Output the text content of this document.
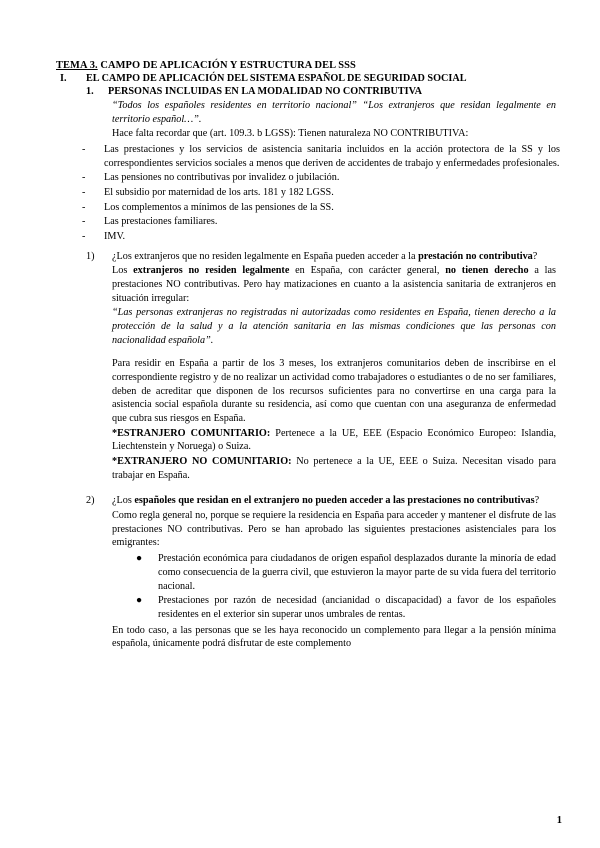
TEMA 3. CAMPO DE APLICACIÓN Y ESTRUCTURA DEL SSS
I.	EL CAMPO DE APLICACIÓN DEL SISTEMA ESPAÑOL DE SEGURIDAD SOCIAL
1.	PERSONAS INCLUIDAS EN LA MODALIDAD NO CONTRIBUTIVA

“Todos los españoles residentes en territorio nacional” “Los extranjeros que residan legalmente en territorio español…”.

Hace falta recordar que (art. 109.3. b LGSS): Tienen naturaleza NO CONTRIBUTIVA:

-	Las prestaciones y los servicios de asistencia sanitaria incluidos en la acción protectora de la SS y los correspondientes servicios sociales a menos que deriven de accidentes de trabajo y enfermedades profesionales.
-	Las pensiones no contributivas por invalidez o jubilación.
-	El subsidio por maternidad de los arts. 181 y 182 LGSS.
-	Los complementos a mínimos de las pensiones de la SS.
-	Las prestaciones familiares.
-	IMV.
1)	¿Los extranjeros que no residen legalmente en España pueden acceder a la prestación no contributiva?

Los extranjeros no residen legalmente en España, con carácter general, no tienen derecho a las prestaciones NO contributivas. Pero hay matizaciones en cuanto a la asistencia sanitaria de extranjeros en situación irregular:

“Las personas extranjeras no registradas ni autorizadas como residentes en España, tienen derecho a la protección de la salud y a la atención sanitaria en las mismas condiciones que las personas con nacionalidad española”.

Para residir en España a partir de los 3 meses, los extranjeros comunitarios deben de inscribirse en el correspondiente registro y de no realizar un actividad como trabajadores o estudiantes o de no ser familiares, deben de acreditar que disponen de los recursos suficientes para no convertirse en una carga para la asistencia social española durante su residencia, así como que cuentan con una aseguranza de enfermedad que cubra sus riesgos en España.

*ESTRANJERO COMUNITARIO: Pertenece a la UE, EEE (Espacio Económico Europeo: Islandia, Liechtenstein y Noruega) o Suiza.

*EXTRANJERO NO COMUNITARIO: No pertenece a la UE, EEE o Suiza. Necesitan visado para trabajar en España.

2)	¿Los españoles que residan en el extranjero no pueden acceder a las prestaciones no contributivas?

Como regla general no, porque se requiere la residencia en España para acceder y mantener el disfrute de las prestaciones NO contributivas. Pero se han aprobado las siguientes prestaciones asistenciales para los emigrantes:

●	Prestación económica para ciudadanos de origen español desplazados durante la minoría de edad como consecuencia de la guerra civil, que estuvieron la mayor parte de su vida fuera del territorio nacional.
●	Prestaciones por razón de necesidad (ancianidad o discapacidad) a favor de los españoles residentes en el exterior sin superar unos umbrales de rentas.

En todo caso, a las personas que se les haya reconocido un complemento para llegar a la pensión mínima española, únicamente podrá disfrutar de este complemento

1
